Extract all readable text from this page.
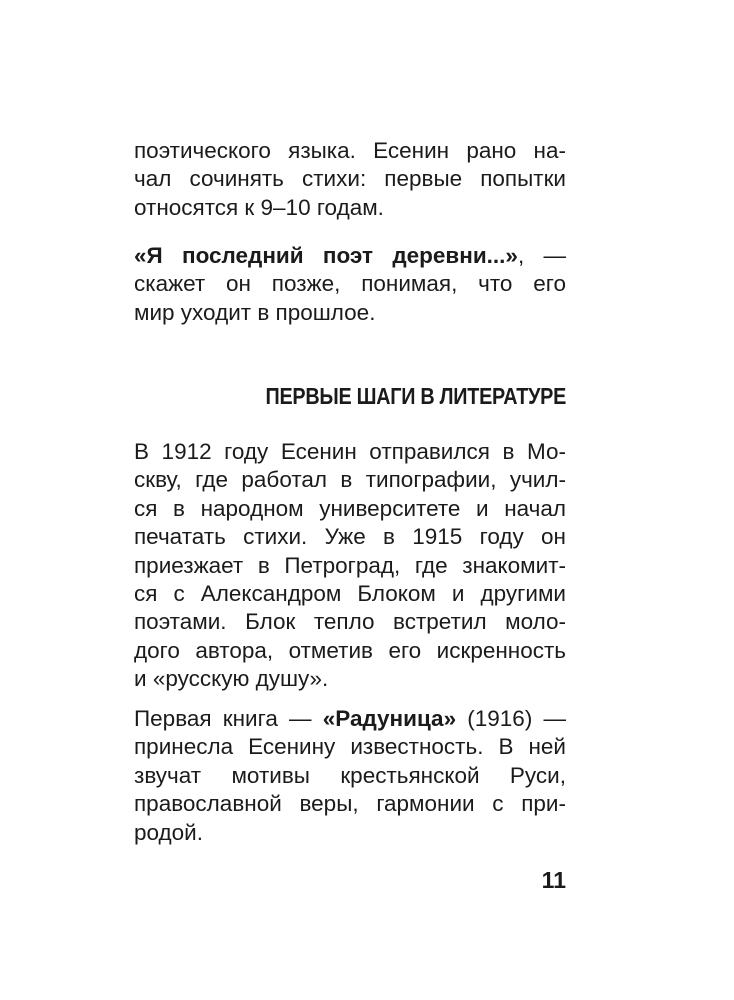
поэтического языка. Есенин рано на-
чал сочинять стихи: первые попытки
относятся к 9–10 годам.
«Я последний поэт деревни...», —
скажет он позже, понимая, что его
мир уходит в прошлое.
ПЕРВЫЕ ШАГИ В ЛИТЕРАТУРЕ
В 1912 году Есенин отправился в Мо-
скву, где работал в типографии, учил-
ся в народном университете и начал
печатать стихи. Уже в 1915 году он
приезжает в Петроград, где знакомит-
ся с Александром Блоком и другими
поэтами. Блок тепло встретил моло-
дого автора, отметив его искренность
и «русскую душу».
Первая книга — «Радуница» (1916) —
принесла Есенину известность. В ней
звучат мотивы крестьянской Руси,
православной веры, гармонии с при-
родой.
11
